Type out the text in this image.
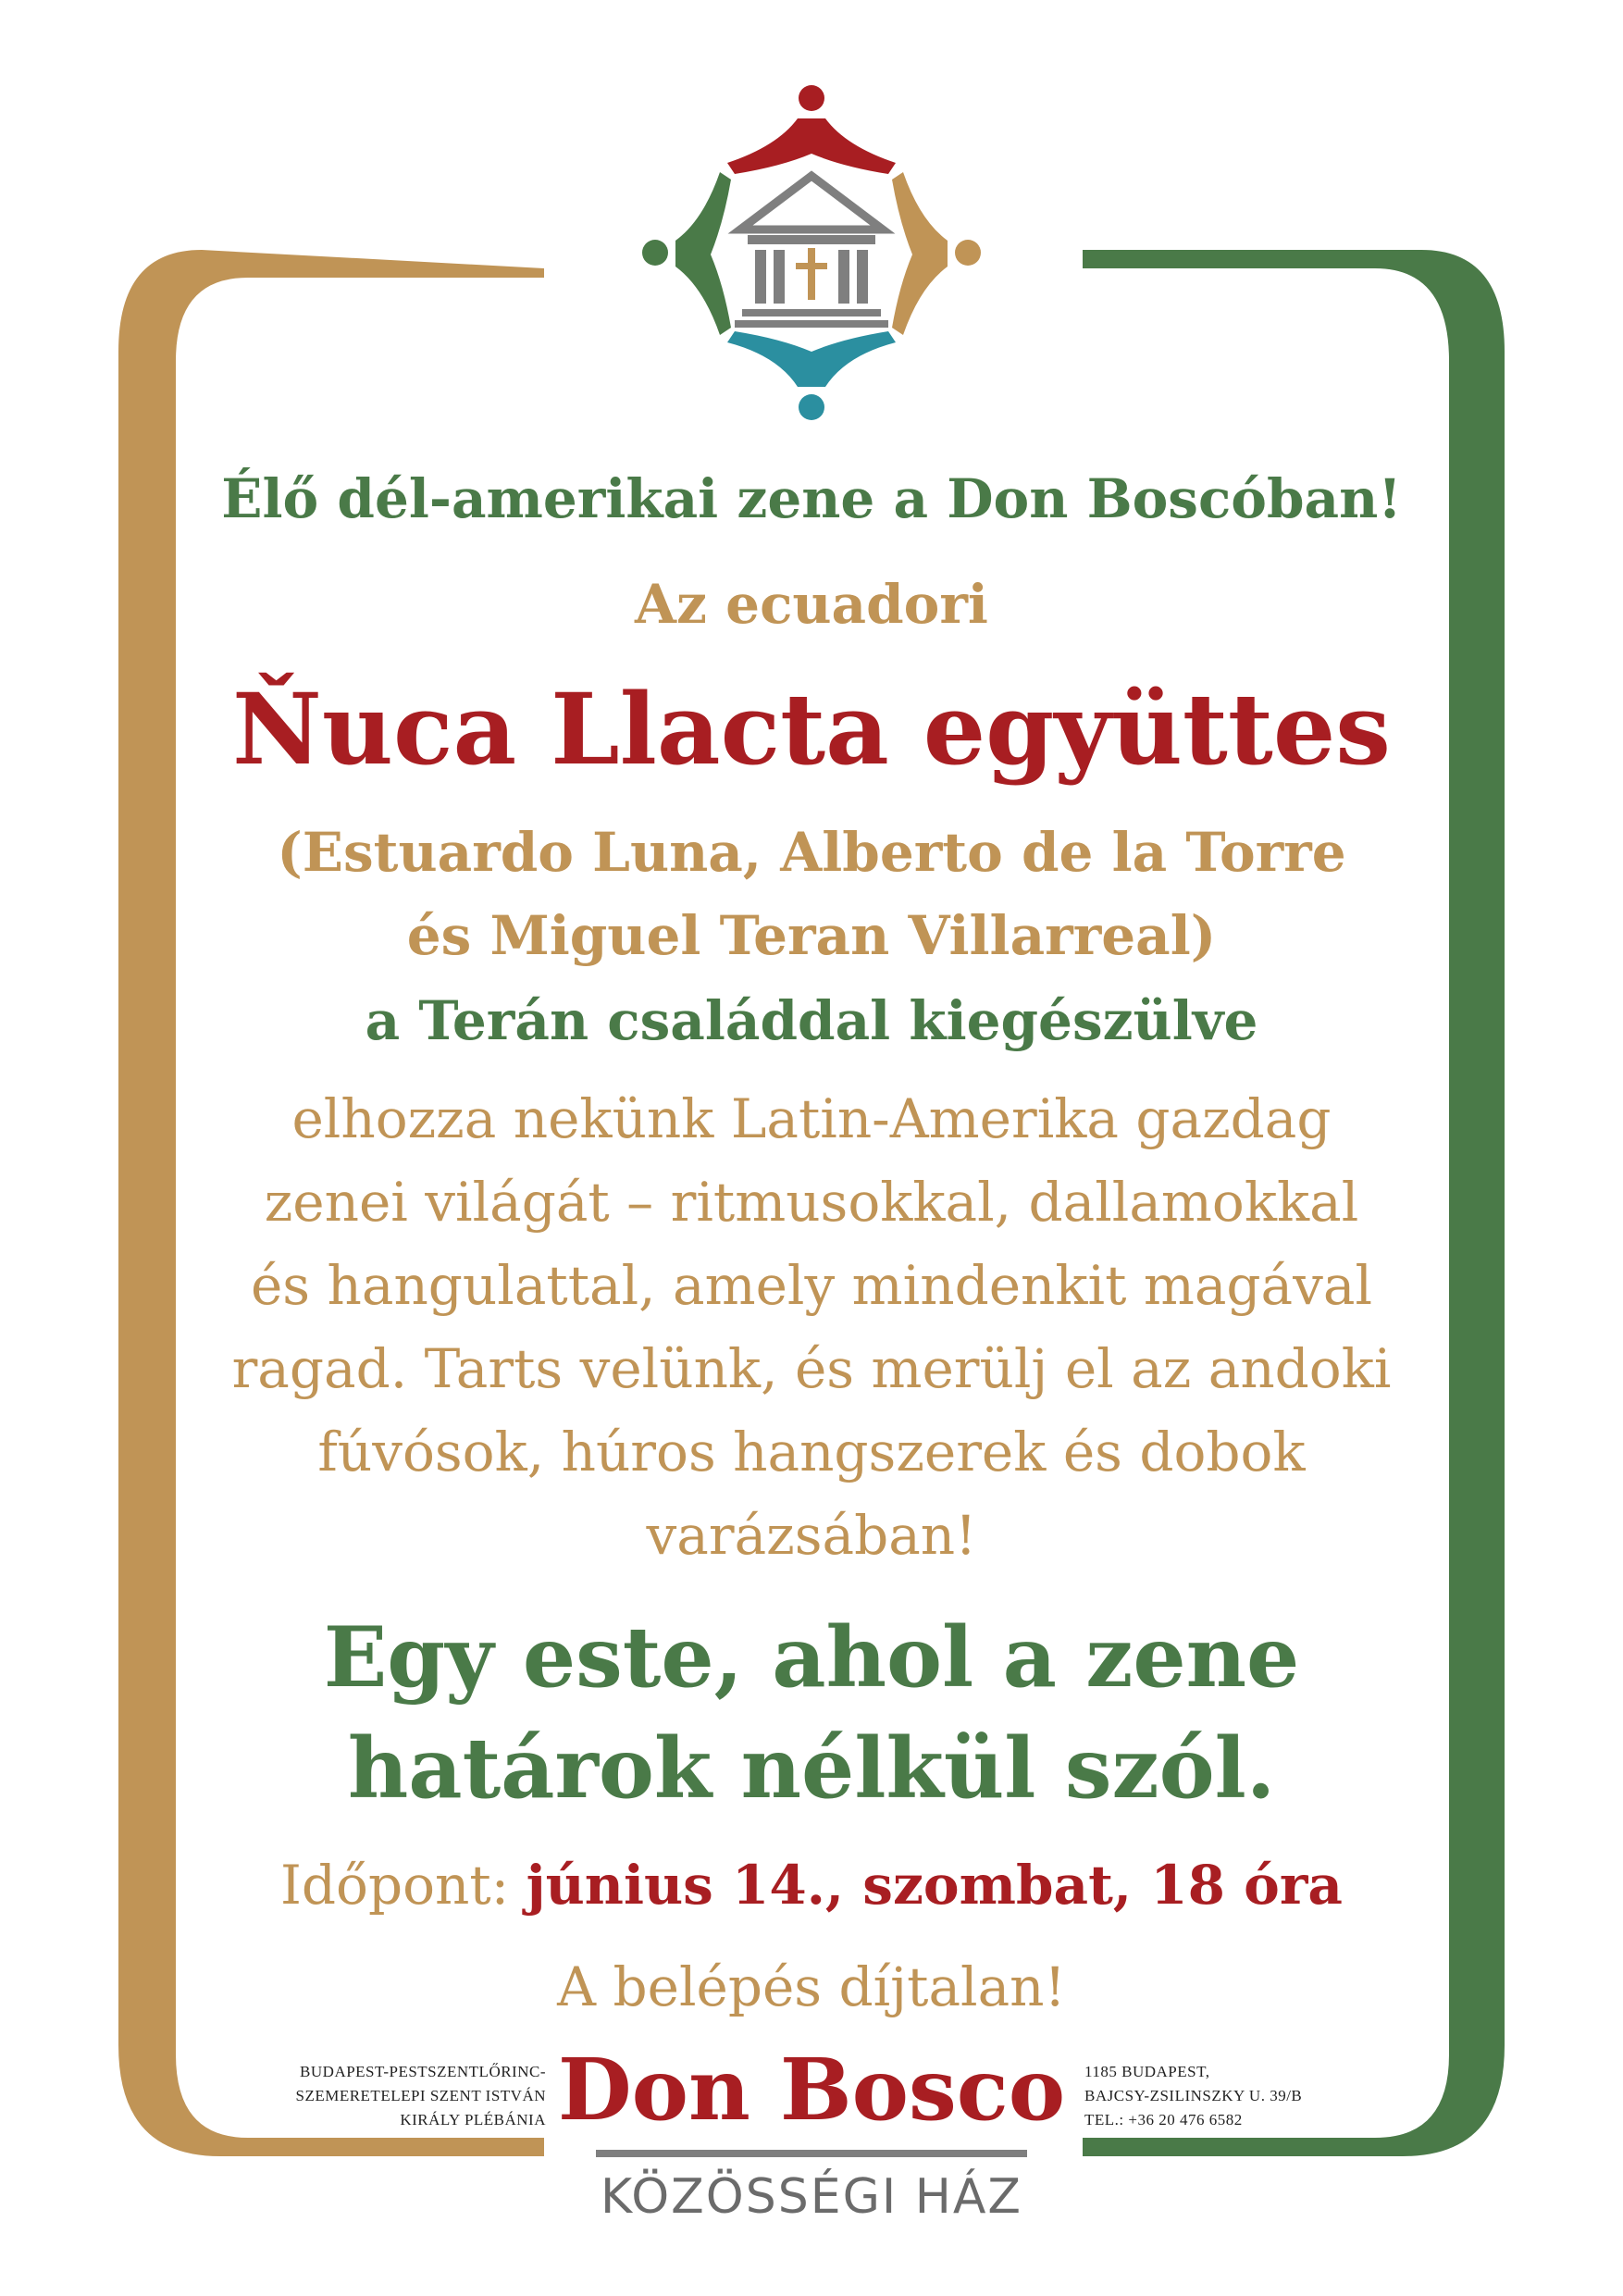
Élő dél-amerikai zene a Don Boscóban!
Az ecuadori
Ňuca Llacta együttes
(Estuardo Luna, Alberto de la Torre
és Miguel Teran Villarreal)
a Terán családdal kiegészülve
elhozza nekünk Latin-Amerika gazdag
zenei világát – ritmusokkal, dallamokkal
és hangulattal, amely mindenkit magával
ragad. Tarts velünk, és merülj el az andoki
fúvósok, húros hangszerek és dobok
varázsában!
Egy este, ahol a zene
határok nélkül szól.
Időpont: június 14., szombat, 18 óra
A belépés díjtalan!
BUDAPEST-PESTSZENTLŐRINC-
SZEMERETELEPI SZENT ISTVÁN
KIRÁLY PLÉBÁNIA Don Bosco
KÖZÖSSÉGI HÁZ
1185 BUDAPEST,
BAJCSY-ZSILINSZKY U. 39/B
TEL.: +36 20 476 6582
